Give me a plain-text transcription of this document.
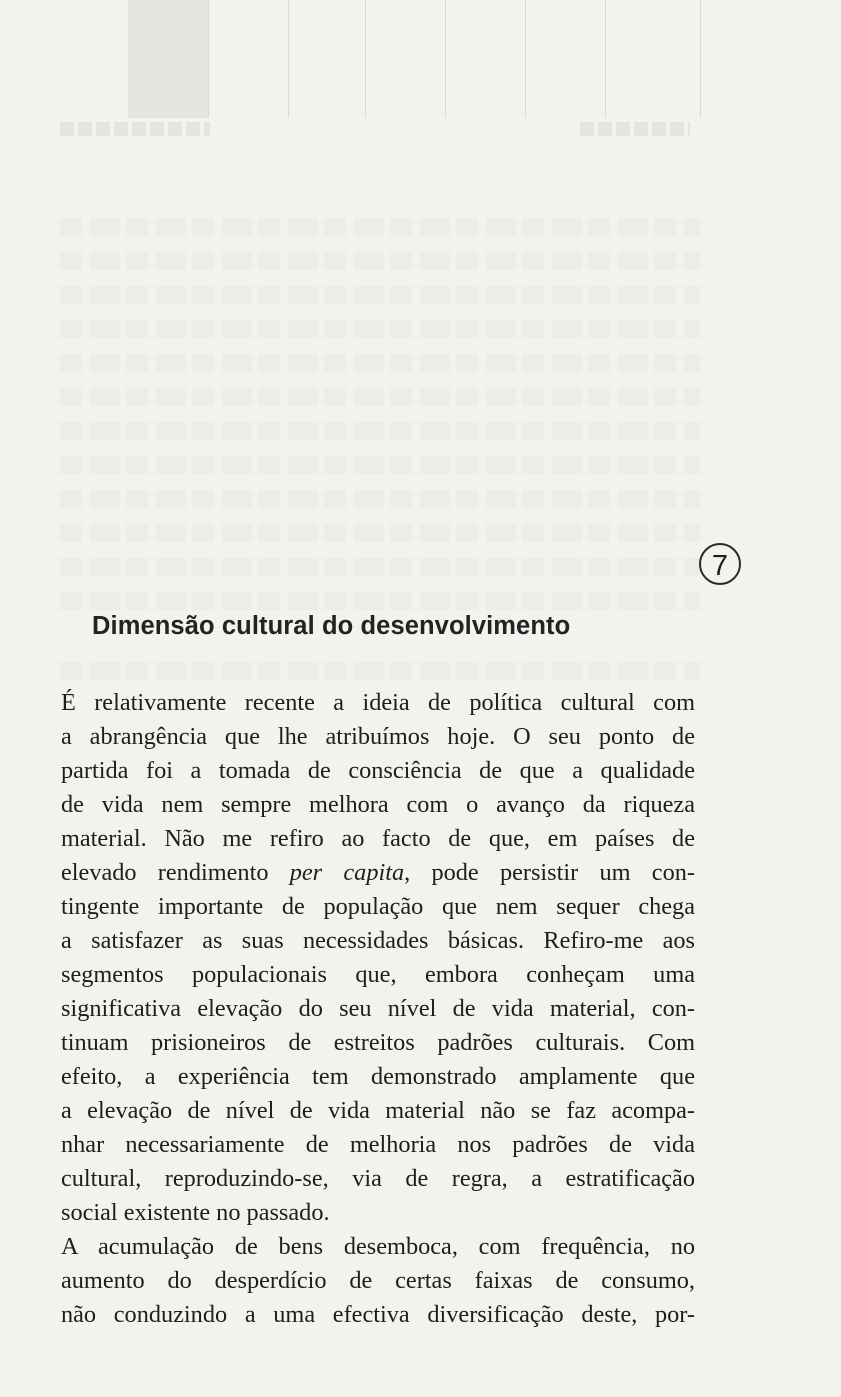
7
Dimensão cultural do desenvolvimento
É relativamente recente a ideia de política cultural com
a abrangência que lhe atribuímos hoje. O seu ponto de
partida foi a tomada de consciência de que a qualidade
de vida nem sempre melhora com o avanço da riqueza
material. Não me refiro ao facto de que, em países de
elevado rendimento per capita, pode persistir um con-
tingente importante de população que nem sequer chega
a satisfazer as suas necessidades básicas. Refiro-me aos
segmentos populacionais que, embora conheçam uma
significativa elevação do seu nível de vida material, con-
tinuam prisioneiros de estreitos padrões culturais. Com
efeito, a experiência tem demonstrado amplamente que
a elevação de nível de vida material não se faz acompa-
nhar necessariamente de melhoria nos padrões de vida
cultural, reproduzindo-se, via de regra, a estratificação
social existente no passado.
A acumulação de bens desemboca, com frequência, no
aumento do desperdício de certas faixas de consumo,
não conduzindo a uma efectiva diversificação deste, por-
